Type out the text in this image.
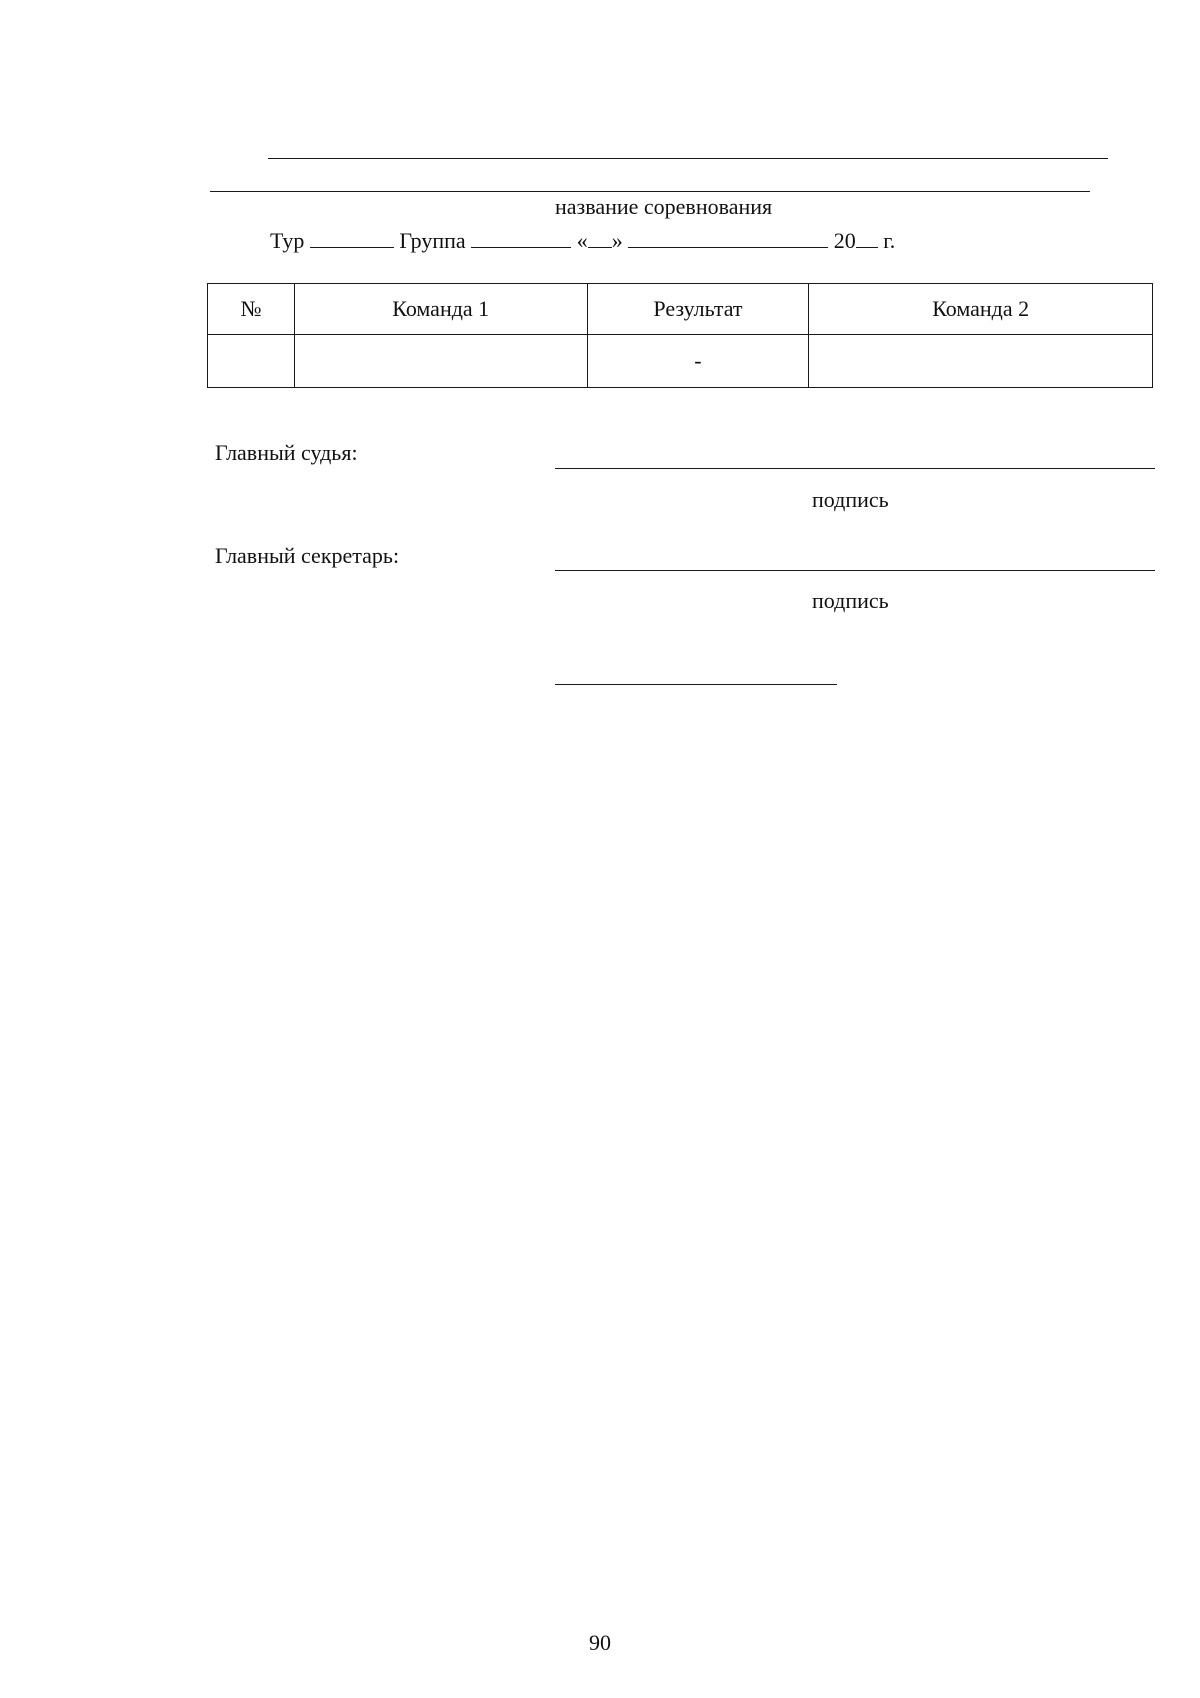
название соревнования
Тур	Группа	« »	20 г.
№	Команда 1	Результат	Команда 2
		-	
Главный судья:
подпись
Главный секретарь:
подпись
90
